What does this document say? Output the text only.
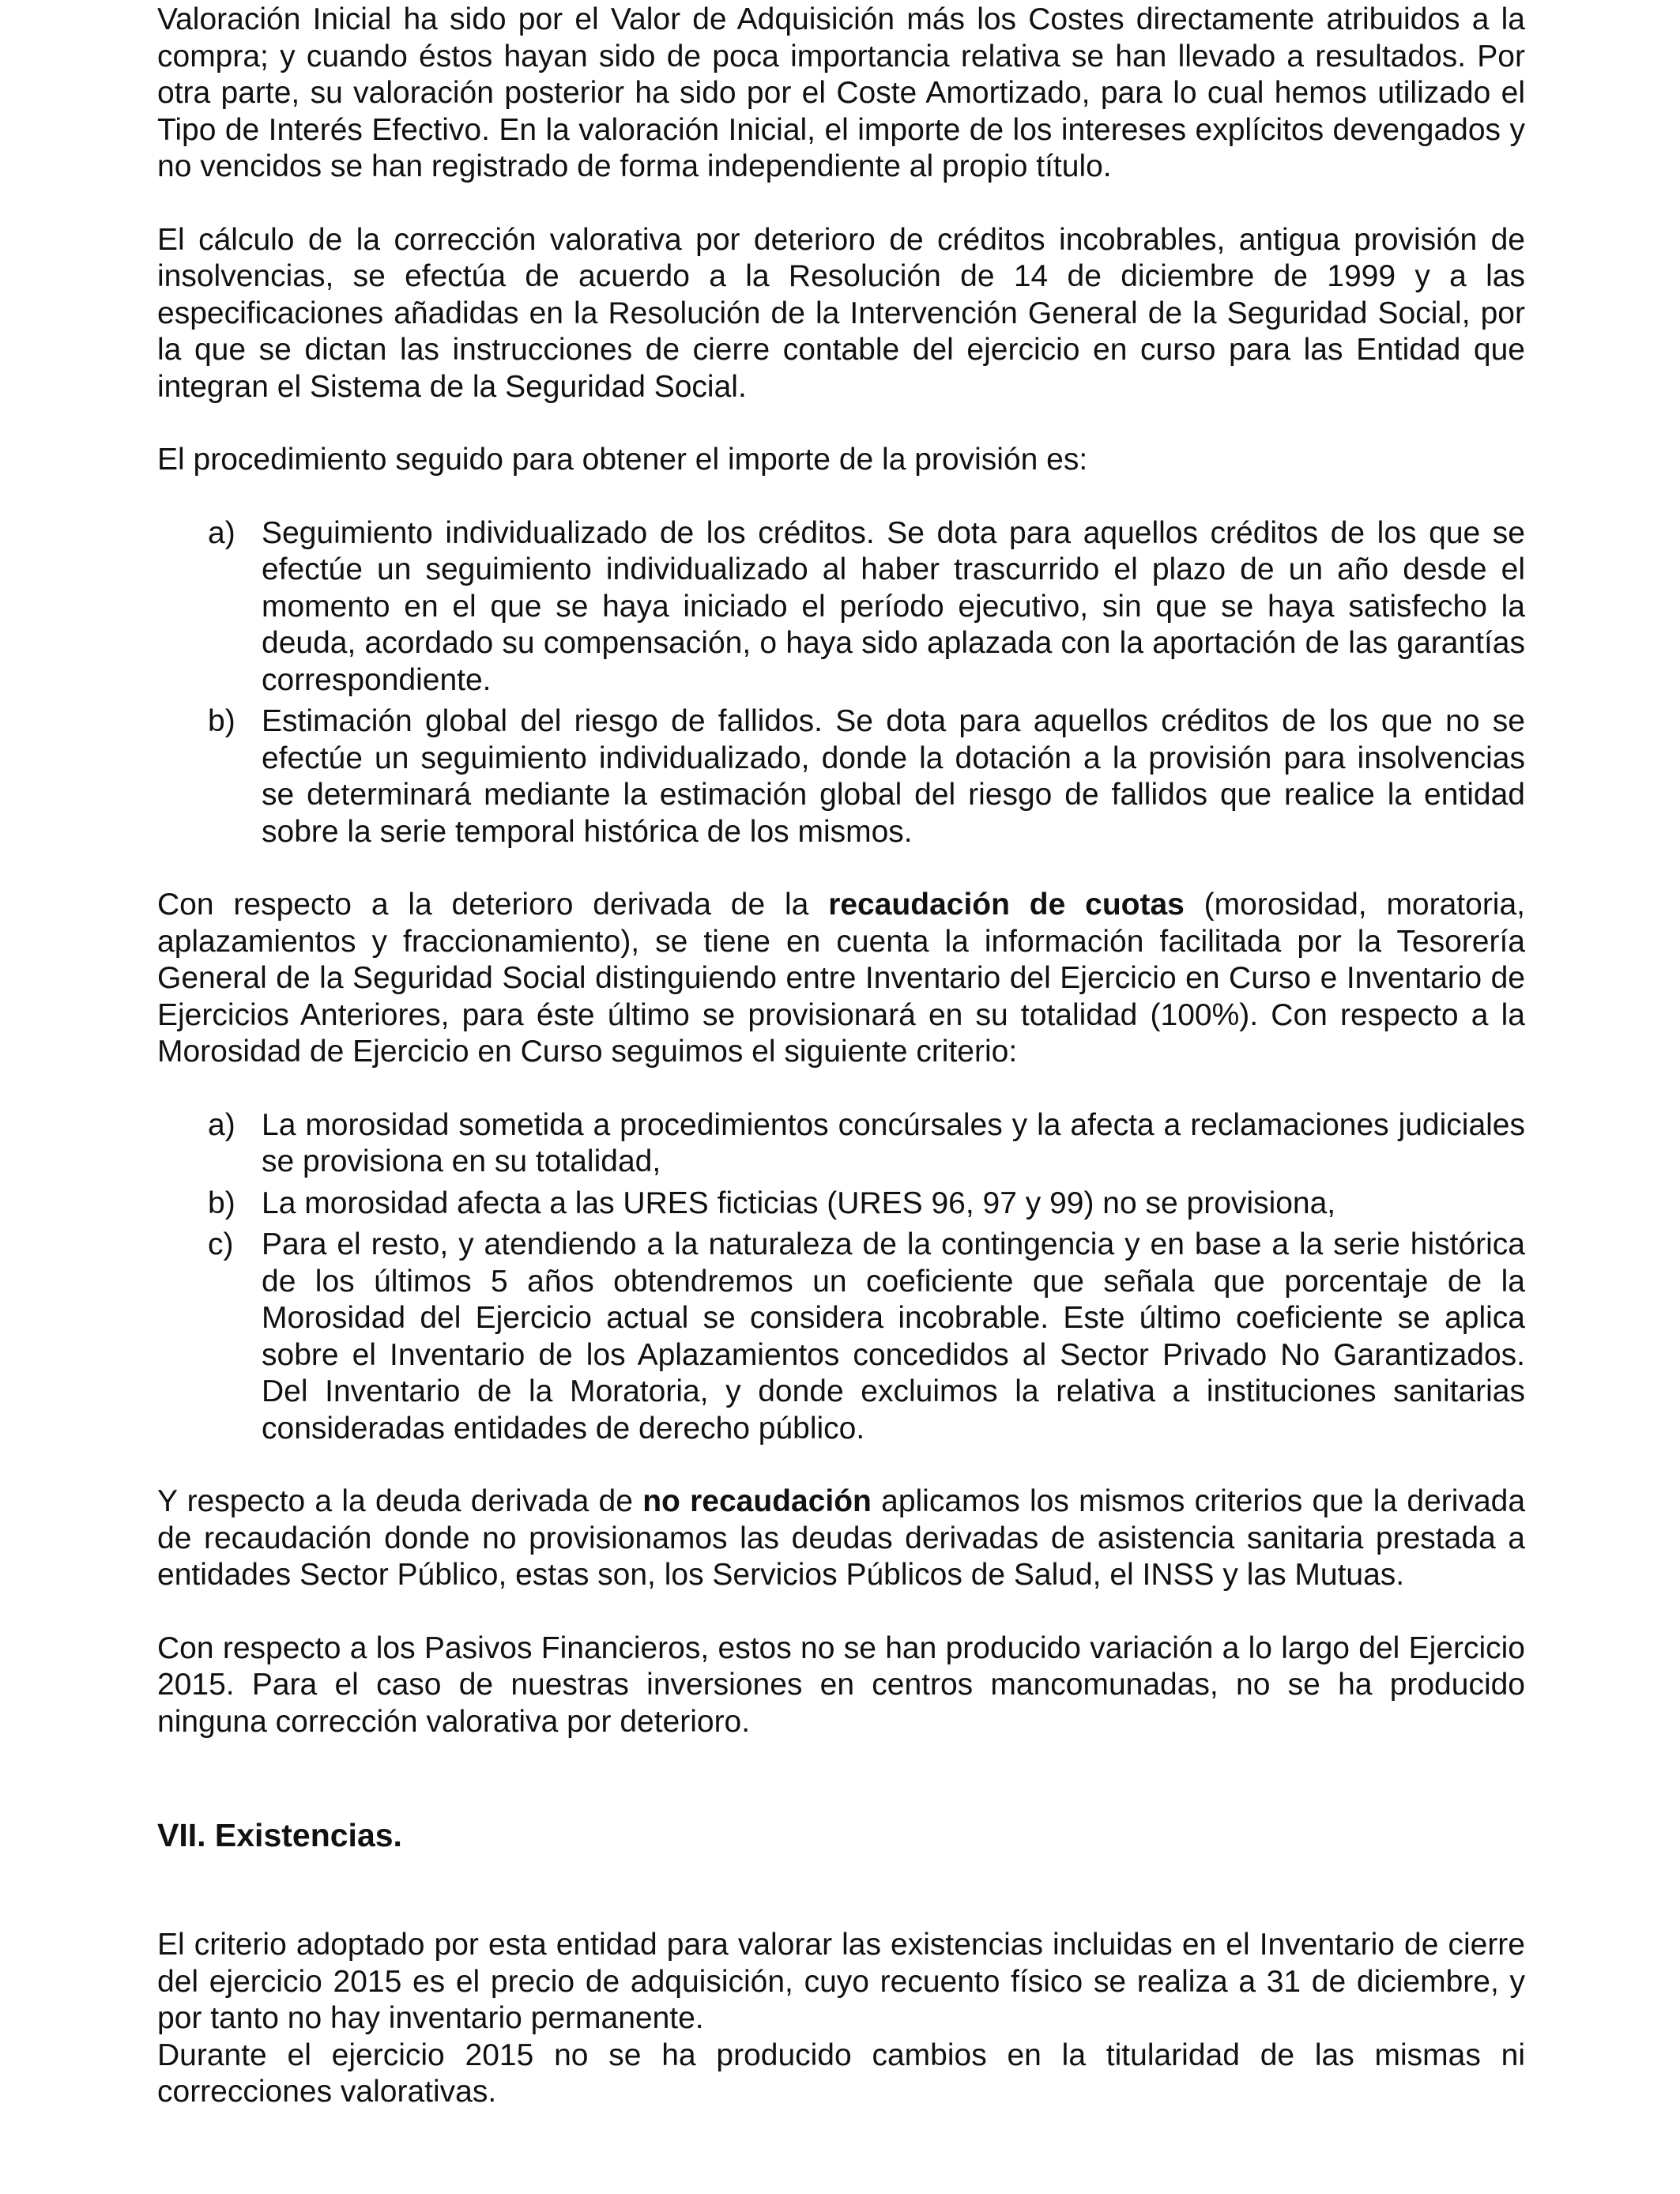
Valoración Inicial ha sido por el Valor de Adquisición más los Costes directamente atribuidos a la compra; y cuando éstos hayan sido de poca importancia relativa se han llevado a resultados. Por otra parte, su valoración posterior ha sido por el Coste Amortizado, para lo cual hemos utilizado el Tipo de Interés Efectivo. En la valoración Inicial, el importe de los intereses explícitos devengados y no vencidos se han registrado de forma independiente al propio título.

El cálculo de la corrección valorativa por deterioro de créditos incobrables, antigua provisión de insolvencias, se efectúa de acuerdo a la Resolución de 14 de diciembre de 1999 y a las especificaciones añadidas en la Resolución de la Intervención General de la Seguridad Social, por la que se dictan las instrucciones de cierre contable del ejercicio en curso para las Entidad que integran el Sistema de la Seguridad Social.

El procedimiento seguido para obtener el importe de la provisión es:

a) Seguimiento individualizado de los créditos. Se dota para aquellos créditos de los que se efectúe un seguimiento individualizado al haber trascurrido el plazo de un año desde el momento en el que se haya iniciado el período ejecutivo, sin que se haya satisfecho la deuda, acordado su compensación, o haya sido aplazada con la aportación de las garantías correspondiente.
b) Estimación global del riesgo de fallidos. Se dota para aquellos créditos de los que no se efectúe un seguimiento individualizado, donde la dotación a la provisión para insolvencias se determinará mediante la estimación global del riesgo de fallidos que realice la entidad sobre la serie temporal histórica de los mismos.

Con respecto a la deterioro derivada de la recaudación de cuotas (morosidad, moratoria, aplazamientos y fraccionamiento), se tiene en cuenta la información facilitada por la Tesorería General de la Seguridad Social distinguiendo entre Inventario del Ejercicio en Curso e Inventario de Ejercicios Anteriores, para éste último se provisionará en su totalidad (100%). Con respecto a la Morosidad de Ejercicio en Curso seguimos el siguiente criterio:

a) La morosidad sometida a procedimientos concúrsales y la afecta a reclamaciones judiciales se provisiona en su totalidad,
b) La morosidad afecta a las URES ficticias (URES 96, 97 y 99) no se provisiona,
c) Para el resto, y atendiendo a la naturaleza de la contingencia y en base a la serie histórica de los últimos 5 años obtendremos un coeficiente que señala que porcentaje de la Morosidad del Ejercicio actual se considera incobrable. Este último coeficiente se aplica sobre el Inventario de los Aplazamientos concedidos al Sector Privado No Garantizados. Del Inventario de la Moratoria, y donde excluimos la relativa a instituciones sanitarias consideradas entidades de derecho público.

Y respecto a la deuda derivada de no recaudación aplicamos los mismos criterios que la derivada de recaudación donde no provisionamos las deudas derivadas de asistencia sanitaria prestada a entidades Sector Público, estas son, los Servicios Públicos de Salud, el INSS y las Mutuas.

Con respecto a los Pasivos Financieros, estos no se han producido variación a lo largo del Ejercicio 2015. Para el caso de nuestras inversiones en centros mancomunadas, no se ha producido ninguna corrección valorativa por deterioro.

VII. Existencias.

El criterio adoptado por esta entidad para valorar las existencias incluidas en el Inventario de cierre del ejercicio 2015 es el precio de adquisición, cuyo recuento físico se realiza a 31 de diciembre, y por tanto no hay inventario permanente.

Durante el ejercicio 2015 no se ha producido cambios en la titularidad de las mismas ni correcciones valorativas.
